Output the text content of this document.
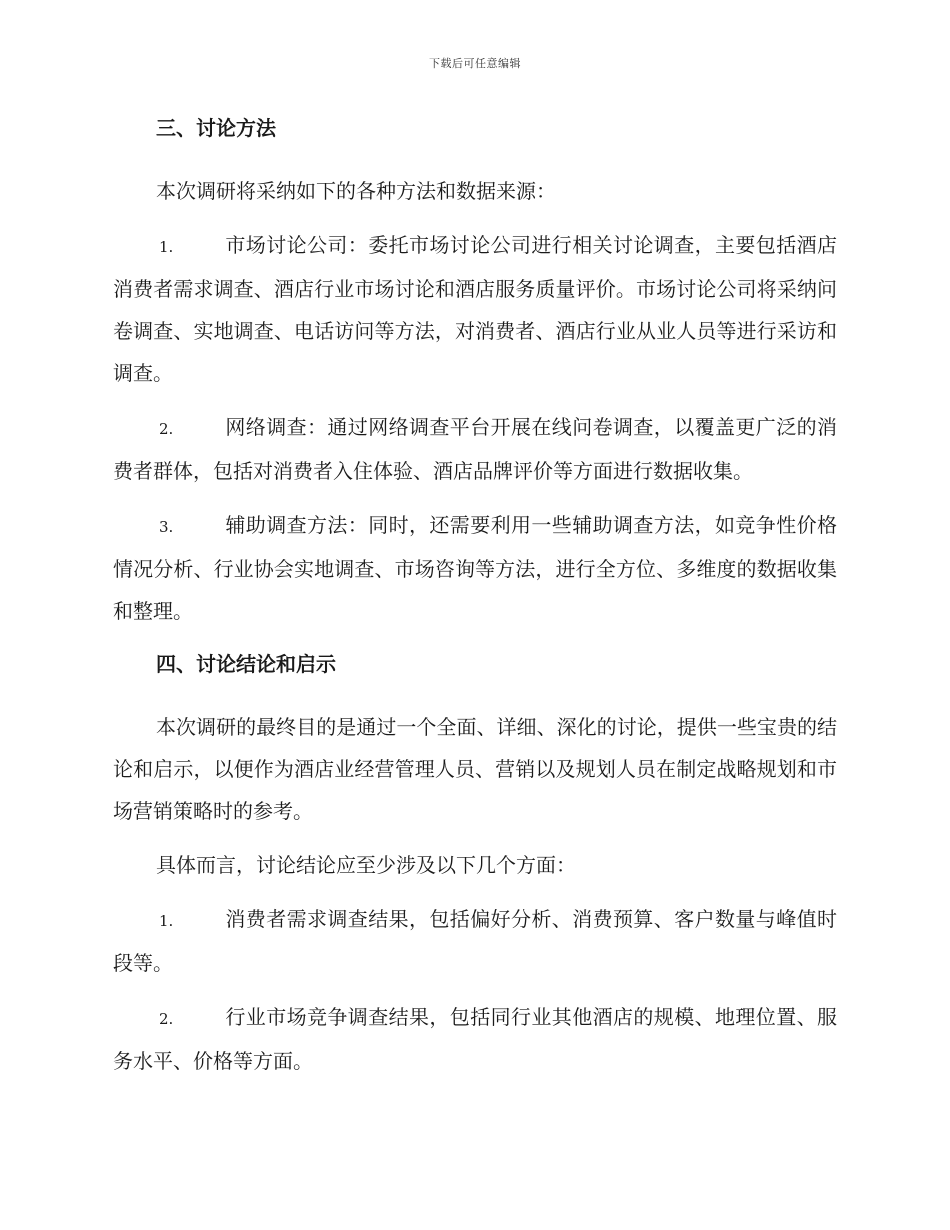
下载后可任意编辑
三、讨论方法

本次调研将采纳如下的各种方法和数据来源：

1.	市场讨论公司：委托市场讨论公司进行相关讨论调查，主要包括酒店消费者需求调查、酒店行业市场讨论和酒店服务质量评价。市场讨论公司将采纳问卷调查、实地调查、电话访问等方法，对消费者、酒店行业从业人员等进行采访和调查。

2.	网络调查：通过网络调查平台开展在线问卷调查，以覆盖更广泛的消费者群体，包括对消费者入住体验、酒店品牌评价等方面进行数据收集。

3.	辅助调查方法：同时，还需要利用一些辅助调查方法，如竞争性价格情况分析、行业协会实地调查、市场咨询等方法，进行全方位、多维度的数据收集和整理。

四、讨论结论和启示

本次调研的最终目的是通过一个全面、详细、深化的讨论，提供一些宝贵的结论和启示，以便作为酒店业经营管理人员、营销以及规划人员在制定战略规划和市场营销策略时的参考。

具体而言，讨论结论应至少涉及以下几个方面：

1.	消费者需求调查结果，包括偏好分析、消费预算、客户数量与峰值时段等。

2.	行业市场竞争调查结果，包括同行业其他酒店的规模、地理位置、服务水平、价格等方面。
